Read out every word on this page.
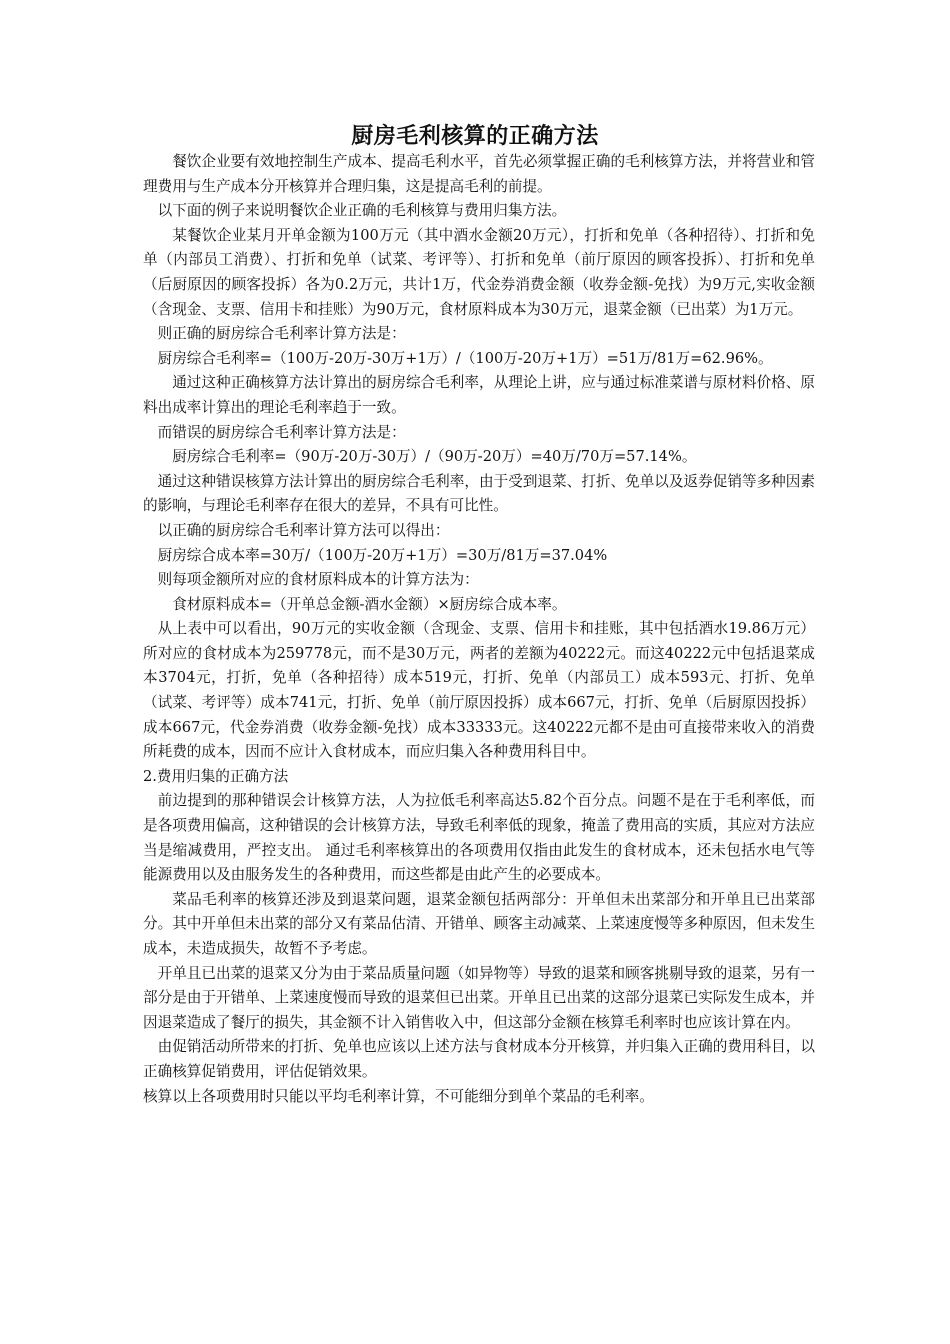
厨房毛利核算的正确方法

餐饮企业要有效地控制生产成本、提高毛利水平，首先必须掌握正确的毛利核算方法，并将营业和管理费用与生产成本分开核算并合理归集，这是提高毛利的前提。

以下面的例子来说明餐饮企业正确的毛利核算与费用归集方法。

某餐饮企业某月开单金额为100万元（其中酒水金额20万元），打折和免单（各种招待）、打折和免单（内部员工消费）、打折和免单（试菜、考评等）、打折和免单（前厅原因的顾客投拆）、打折和免单（后厨原因的顾客投拆）各为0.2万元，共计1万，代金券消费金额（收券金额-免找）为9万元,实收金额（含现金、支票、信用卡和挂账）为90万元，食材原料成本为30万元，退菜金额（已出菜）为1万元。

则正确的厨房综合毛利率计算方法是：

厨房综合毛利率=（100万-20万-30万+1万）/（100万-20万+1万）=51万/81万=62.96%。

通过这种正确核算方法计算出的厨房综合毛利率，从理论上讲，应与通过标准菜谱与原材料价格、原料出成率计算出的理论毛利率趋于一致。

而错误的厨房综合毛利率计算方法是：

厨房综合毛利率=（90万-20万-30万）/（90万-20万）=40万/70万=57.14%。

通过这种错误核算方法计算出的厨房综合毛利率，由于受到退菜、打折、免单以及返券促销等多种因素的影响，与理论毛利率存在很大的差异，不具有可比性。

以正确的厨房综合毛利率计算方法可以得出：

厨房综合成本率=30万/（100万-20万+1万）=30万/81万=37.04%

则每项金额所对应的食材原料成本的计算方法为：

食材原料成本=（开单总金额-酒水金额）×厨房综合成本率。

从上表中可以看出，90万元的实收金额（含现金、支票、信用卡和挂账，其中包括酒水19.86万元）所对应的食材成本为259778元，而不是30万元，两者的差额为40222元。而这40222元中包括退菜成本3704元，打折，免单（各种招待）成本519元，打折、免单（内部员工）成本593元、打折、免单（试菜、考评等）成本741元，打折、免单（前厅原因投拆）成本667元，打折、免单（后厨原因投拆）成本667元，代金券消费（收券金额-免找）成本33333元。这40222元都不是由可直接带来收入的消费所耗费的成本，因而不应计入食材成本，而应归集入各种费用科目中。

2.费用归集的正确方法

前边提到的那种错误会计核算方法，人为拉低毛利率高达5.82个百分点。问题不是在于毛利率低，而是各项费用偏高，这种错误的会计核算方法，导致毛利率低的现象，掩盖了费用高的实质，其应对方法应当是缩减费用，严控支出。 通过毛利率核算出的各项费用仅指由此发生的食材成本，还未包括水电气等能源费用以及由服务发生的各种费用，而这些都是由此产生的必要成本。

菜品毛利率的核算还涉及到退菜问题，退菜金额包括两部分：开单但未出菜部分和开单且已出菜部分。其中开单但未出菜的部分又有菜品估清、开错单、顾客主动减菜、上菜速度慢等多种原因，但未发生成本，未造成损失，故暂不予考虑。

开单且已出菜的退菜又分为由于菜品质量问题（如异物等）导致的退菜和顾客挑剔导致的退菜，另有一部分是由于开错单、上菜速度慢而导致的退菜但已出菜。开单且已出菜的这部分退菜已实际发生成本，并因退菜造成了餐厅的损失，其金额不计入销售收入中，但这部分金额在核算毛利率时也应该计算在内。

由促销活动所带来的打折、免单也应该以上述方法与食材成本分开核算，并归集入正确的费用科目，以正确核算促销费用，评估促销效果。

核算以上各项费用时只能以平均毛利率计算，不可能细分到单个菜品的毛利率。
